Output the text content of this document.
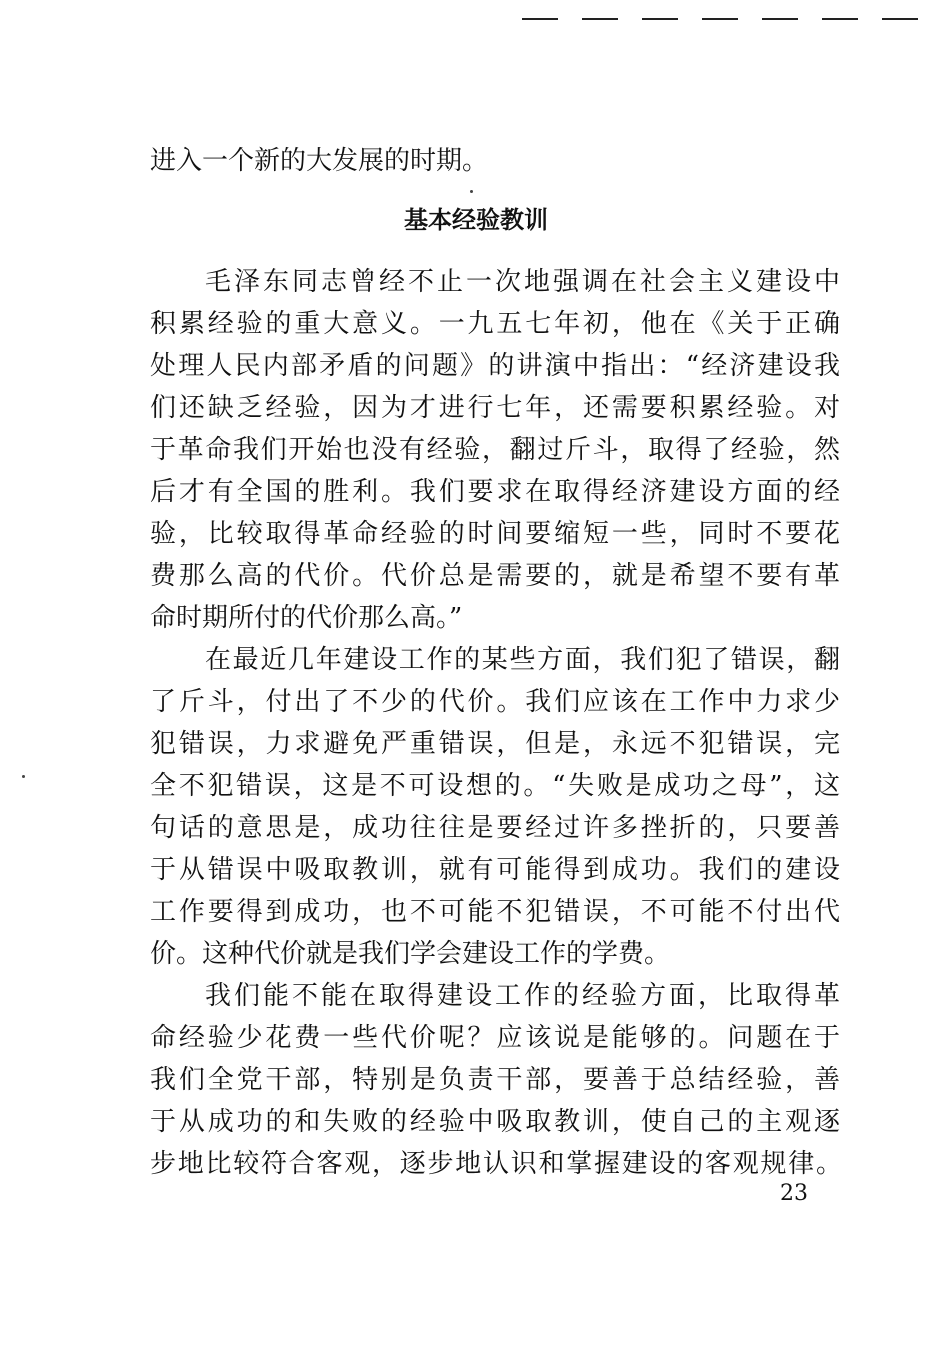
进入一个新的大发展的时期。
基本经验教训
毛泽东同志曾经不止一次地强调在社会主义建设中
积累经验的重大意义。一九五七年初，他在《关于正确
处理人民内部矛盾的问题》的讲演中指出：“经济建设我
们还缺乏经验，因为才进行七年，还需要积累经验。对
于革命我们开始也没有经验，翻过斤斗，取得了经验，然
后才有全国的胜利。我们要求在取得经济建设方面的经
验，比较取得革命经验的时间要缩短一些，同时不要花
费那么高的代价。代价总是需要的，就是希望不要有革
命时期所付的代价那么高。”
在最近几年建设工作的某些方面，我们犯了错误，翻
了斤斗，付出了不少的代价。我们应该在工作中力求少
犯错误，力求避免严重错误，但是，永远不犯错误，完
全不犯错误，这是不可设想的。“失败是成功之母”，这
句话的意思是，成功往往是要经过许多挫折的，只要善
于从错误中吸取教训，就有可能得到成功。我们的建设
工作要得到成功，也不可能不犯错误，不可能不付出代
价。这种代价就是我们学会建设工作的学费。
我们能不能在取得建设工作的经验方面，比取得革
命经验少花费一些代价呢？应该说是能够的。问题在于
我们全党干部，特别是负责干部，要善于总结经验，善
于从成功的和失败的经验中吸取教训，使自己的主观逐
步地比较符合客观，逐步地认识和掌握建设的客观规律。
23
